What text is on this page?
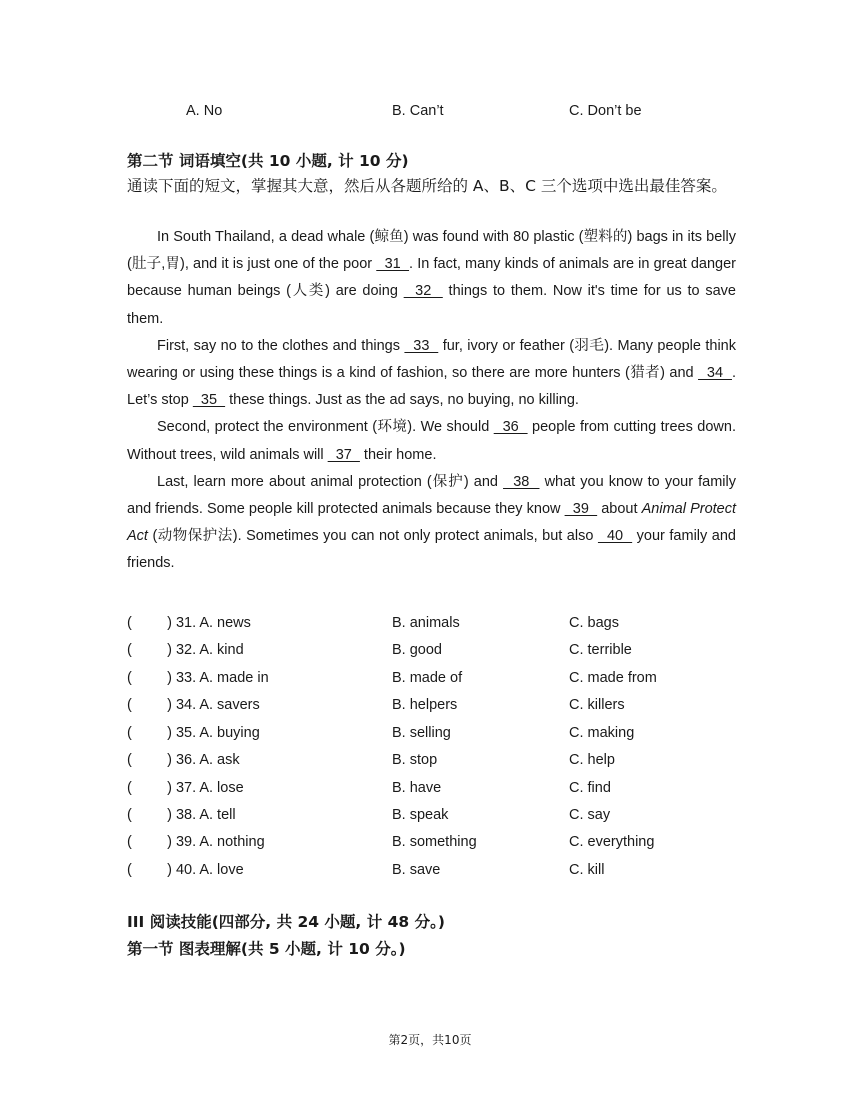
A. No	B. Can’t	C. Don’t be
第二节 词语填空(共 10 小题, 计 10 分)
通读下面的短文，掌握其大意，然后从各题所给的 A、B、C 三个选项中选出最佳答案。

In South Thailand, a dead whale (鲸鱼) was found with 80 plastic (塑料的) bags in its belly (肚子,胃), and it is just one of the poor   31  . In fact, many kinds of animals are in great danger because human beings (人类) are doing   32   things to them. Now it's time for us to save them.

First, say no to the clothes and things   33   fur, ivory or feather (羽毛). Many people think wearing or using these things is a kind of fashion, so there are more hunters (猎者) and   34  . Let’s stop   35   these things. Just as the ad says, no buying, no killing.

Second, protect the environment (环境). We should   36   people from cutting trees down. Without trees, wild animals will   37   their home.

Last, learn more about animal protection (保护) and   38   what you know to your family and friends. Some people kill protected animals because they know   39   about Animal Protect Act (动物保护法). Sometimes you can not only protect animals, but also   40   your family and friends.

( ) 31. A. news	B. animals	C. bags
( ) 32. A. kind	B. good	C. terrible
( ) 33. A. made in	B. made of	C. made from
( ) 34. A. savers	B. helpers	C. killers
( ) 35. A. buying	B. selling	C. making
( ) 36. A. ask	B. stop	C. help
( ) 37. A. lose	B. have	C. find
( ) 38. A. tell	B. speak	C. say
( ) 39. A. nothing	B. something	C. everything
( ) 40. A. love	B. save	C. kill
III 阅读技能(四部分, 共 24 小题, 计 48 分。)
第一节 图表理解(共 5 小题, 计 10 分。)
第2页，共10页
